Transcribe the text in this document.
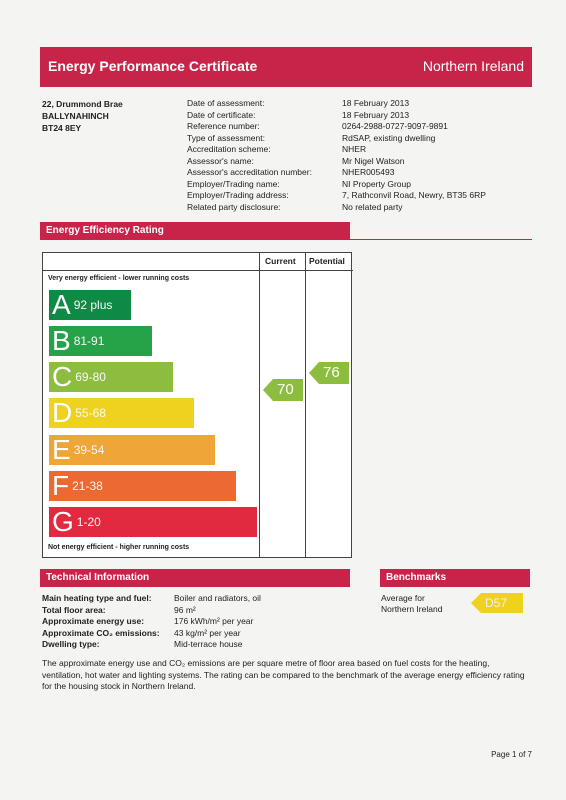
Energy Performance Certificate	Northern Ireland
22, Drummond Brae
BALLYNAHINCH
BT24 8EY
Date of assessment:	18 February 2013
Date of certificate:	18 February 2013
Reference number:	0264-2988-0727-9097-9891
Type of assessment:	RdSAP, existing dwelling
Accreditation scheme:	NHER
Assessor's name:	Mr Nigel Watson
Assessor's accreditation number:	NHER005493
Employer/Trading name:	NI Property Group
Employer/Trading address:	7, Rathconvil Road, Newry, BT35 6RP
Related party disclosure:	No related party
Energy Efficiency Rating
Current Potential
Very energy efficient - lower running costs
A 92 plus
B 81-91
C 69-80
D 55-68
E 39-54
F 21-38
G 1-20
70
76
Not energy efficient - higher running costs
Technical Information
Main heating type and fuel:	Boiler and radiators, oil
Total floor area:	96 m²
Approximate energy use:	176 kWh/m² per year
Approximate CO₂ emissions:	43 kg/m² per year
Dwelling type:	Mid-terrace house
Benchmarks
Average for
Northern Ireland	D57
The approximate energy use and CO₂ emissions are per square metre of floor area based on fuel costs for the heating, ventilation, hot water and lighting systems. The rating can be compared to the benchmark of the average energy efficiency rating for the housing stock in Northern Ireland.
Page 1 of 7
